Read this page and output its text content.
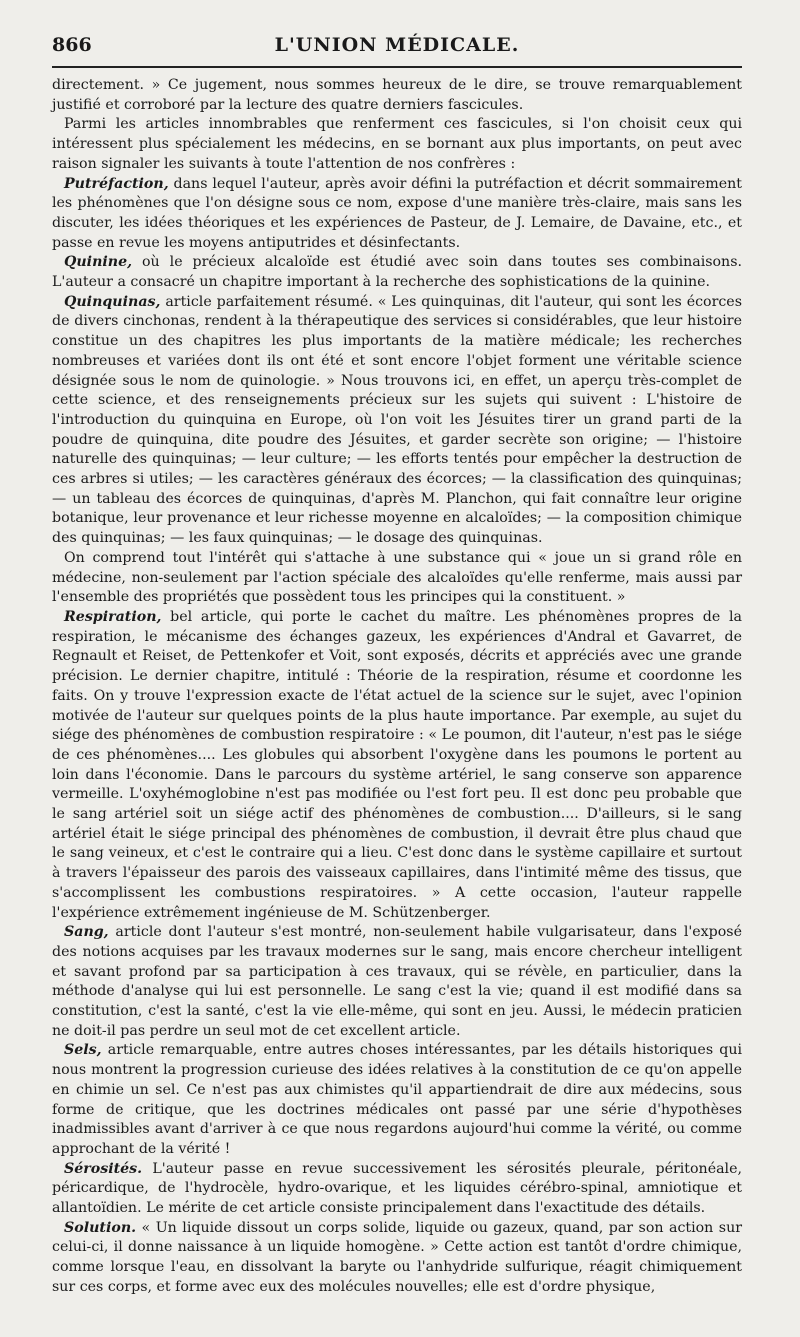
866	L'UNION MÉDICALE.

directement. » Ce jugement, nous sommes heureux de le dire, se trouve remarquablement justifié et corroboré par la lecture des quatre derniers fascicules.

Parmi les articles innombrables que renferment ces fascicules, si l'on choisit ceux qui intéressent plus spécialement les médecins, en se bornant aux plus importants, on peut avec raison signaler les suivants à toute l'attention de nos confrères :

Putréfaction, dans lequel l'auteur, après avoir défini la putréfaction et décrit sommairement les phénomènes que l'on désigne sous ce nom, expose d'une manière très-claire, mais sans les discuter, les idées théoriques et les expériences de Pasteur, de J. Lemaire, de Davaine, etc., et passe en revue les moyens antiputrides et désinfectants.

Quinine, où le précieux alcaloïde est étudié avec soin dans toutes ses combinaisons. L'auteur a consacré un chapitre important à la recherche des sophistications de la quinine.

Quinquinas, article parfaitement résumé. « Les quinquinas, dit l'auteur, qui sont les écorces de divers cinchonas, rendent à la thérapeutique des services si considérables, que leur histoire constitue un des chapitres les plus importants de la matière médicale; les recherches nombreuses et variées dont ils ont été et sont encore l'objet forment une véritable science désignée sous le nom de quinologie. » Nous trouvons ici, en effet, un aperçu très-complet de cette science, et des renseignements précieux sur les sujets qui suivent : L'histoire de l'introduction du quinquina en Europe, où l'on voit les Jésuites tirer un grand parti de la poudre de quinquina, dite poudre des Jésuites, et garder secrète son origine; — l'histoire naturelle des quinquinas; — leur culture; — les efforts tentés pour empêcher la destruction de ces arbres si utiles; — les caractères généraux des écorces; — la classification des quinquinas; — un tableau des écorces de quinquinas, d'après M. Planchon, qui fait connaître leur origine botanique, leur provenance et leur richesse moyenne en alcaloïdes; — la composition chimique des quinquinas; — les faux quinquinas; — le dosage des quinquinas.

On comprend tout l'intérêt qui s'attache à une substance qui « joue un si grand rôle en médecine, non-seulement par l'action spéciale des alcaloïdes qu'elle renferme, mais aussi par l'ensemble des propriétés que possèdent tous les principes qui la constituent. »

Respiration, bel article, qui porte le cachet du maître. Les phénomènes propres de la respiration, le mécanisme des échanges gazeux, les expériences d'Andral et Gavarret, de Regnault et Reiset, de Pettenkofer et Voit, sont exposés, décrits et appréciés avec une grande précision. Le dernier chapitre, intitulé : Théorie de la respiration, résume et coordonne les faits. On y trouve l'expression exacte de l'état actuel de la science sur le sujet, avec l'opinion motivée de l'auteur sur quelques points de la plus haute importance. Par exemple, au sujet du siége des phénomènes de combustion respiratoire : « Le poumon, dit l'auteur, n'est pas le siége de ces phénomènes.... Les globules qui absorbent l'oxygène dans les poumons le portent au loin dans l'économie. Dans le parcours du système artériel, le sang conserve son apparence vermeille. L'oxyhémoglobine n'est pas modifiée ou l'est fort peu. Il est donc peu probable que le sang artériel soit un siége actif des phénomènes de combustion.... D'ailleurs, si le sang artériel était le siége principal des phénomènes de combustion, il devrait être plus chaud que le sang veineux, et c'est le contraire qui a lieu. C'est donc dans le système capillaire et surtout à travers l'épaisseur des parois des vaisseaux capillaires, dans l'intimité même des tissus, que s'accomplissent les combustions respiratoires. » A cette occasion, l'auteur rappelle l'expérience extrêmement ingénieuse de M. Schützenberger.

Sang, article dont l'auteur s'est montré, non-seulement habile vulgarisateur, dans l'exposé des notions acquises par les travaux modernes sur le sang, mais encore chercheur intelligent et savant profond par sa participation à ces travaux, qui se révèle, en particulier, dans la méthode d'analyse qui lui est personnelle. Le sang c'est la vie; quand il est modifié dans sa constitution, c'est la santé, c'est la vie elle-même, qui sont en jeu. Aussi, le médecin praticien ne doit-il pas perdre un seul mot de cet excellent article.

Sels, article remarquable, entre autres choses intéressantes, par les détails historiques qui nous montrent la progression curieuse des idées relatives à la constitution de ce qu'on appelle en chimie un sel. Ce n'est pas aux chimistes qu'il appartiendrait de dire aux médecins, sous forme de critique, que les doctrines médicales ont passé par une série d'hypothèses inadmissibles avant d'arriver à ce que nous regardons aujourd'hui comme la vérité, ou comme approchant de la vérité !

Sérosités. L'auteur passe en revue successivement les sérosités pleurale, péritonéale, péricardique, de l'hydrocèle, hydro-ovarique, et les liquides cérébro-spinal, amniotique et allantoïdien. Le mérite de cet article consiste principalement dans l'exactitude des détails.

Solution. « Un liquide dissout un corps solide, liquide ou gazeux, quand, par son action sur celui-ci, il donne naissance à un liquide homogène. » Cette action est tantôt d'ordre chimique, comme lorsque l'eau, en dissolvant la baryte ou l'anhydride sulfurique, réagit chimiquement sur ces corps, et forme avec eux des molécules nouvelles; elle est d'ordre physique,
